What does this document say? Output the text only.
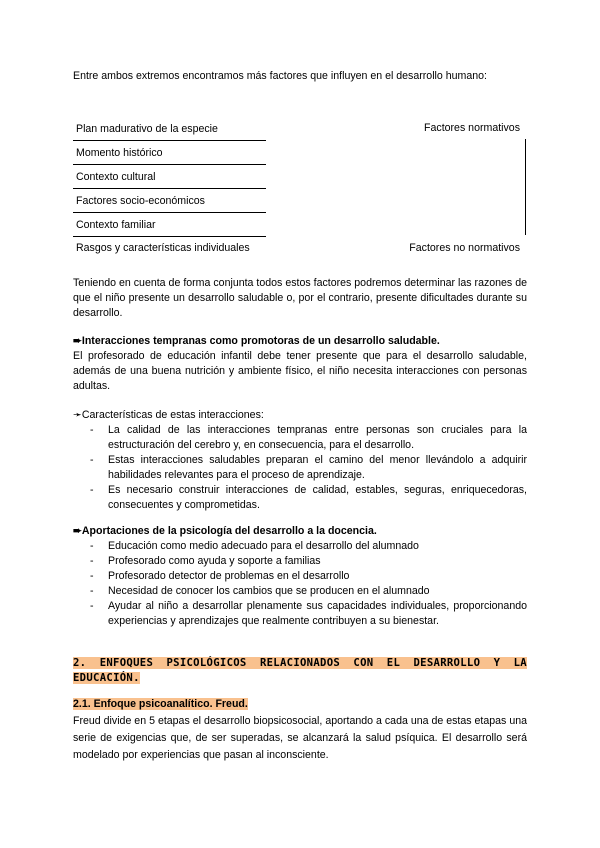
Entre ambos extremos encontramos más factores que influyen en el desarrollo humano:
Plan madurativo de la especie
Momento histórico
Contexto cultural
Factores socio-económicos
Contexto familiar
Rasgos y características individuales
Factores normativos
Factores no normativos

Teniendo en cuenta de forma conjunta todos estos factores podremos determinar las razones de que el niño presente un desarrollo saludable o, por el contrario, presente dificultades durante su desarrollo.

➨Interacciones tempranas como promotoras de un desarrollo saludable.

El profesorado de educación infantil debe tener presente que para el desarrollo saludable, además de una buena nutrición y ambiente físico, el niño necesita interacciones con personas adultas.

➛Características de estas interacciones:

- La calidad de las interacciones tempranas entre personas son cruciales para la estructuración del cerebro y, en consecuencia, para el desarrollo.
- Estas interacciones saludables preparan el camino del menor llevándolo a adquirir habilidades relevantes para el proceso de aprendizaje.
- Es necesario construir interacciones de calidad, estables, seguras, enriquecedoras, consecuentes y comprometidas.

➨Aportaciones de la psicología del desarrollo a la docencia.

- Educación como medio adecuado para el desarrollo del alumnado
- Profesorado como ayuda y soporte a familias
- Profesorado detector de problemas en el desarrollo
- Necesidad de conocer los cambios que se producen en el alumnado
- Ayudar al niño a desarrollar plenamente sus capacidades individuales, proporcionando experiencias y aprendizajes que realmente contribuyen a su bienestar.
2. ENFOQUES PSICOLÓGICOS RELACIONADOS CON EL DESARROLLO Y LA EDUCACIÓN.

2.1. Enfoque psicoanalítico. Freud.

Freud divide en 5 etapas el desarrollo biopsicosocial, aportando a cada una de estas etapas una serie de exigencias que, de ser superadas, se alcanzará la salud psíquica. El desarrollo será modelado por experiencias que pasan al inconsciente.
